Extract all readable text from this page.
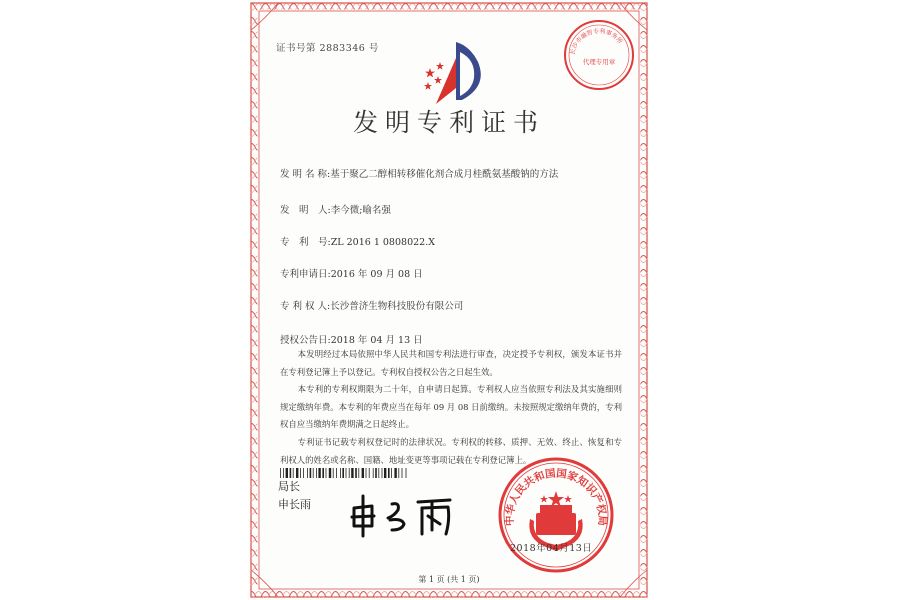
证书号第 2883346 号	长沙市融智专利事务所
代理专用章
发明专利证书
发 明 名 称:基于聚乙二醇相转移催化剂合成月桂酰氨基酸钠的方法
发　明　人:李今微;喻名强
专　利　号:ZL 2016 1 0808022.X
专利申请日:2016 年 09 月 08 日
专 利 权 人:长沙普济生物科技股份有限公司
授权公告日:2018 年 04 月 13 日

本发明经过本局依照中华人民共和国专利法进行审查，决定授予专利权，颁发本证书并在专利登记簿上予以登记。专利权自授权公告之日起生效。

本专利的专利权期限为二十年，自申请日起算。专利权人应当依照专利法及其实施细则规定缴纳年费。本专利的年费应当在每年 09 月 08 日前缴纳。未按照规定缴纳年费的，专利权自应当缴纳年费期满之日起终止。

专利证书记载专利权登记时的法律状况。专利权的转移、质押、无效、终止、恢复和专利权人的姓名或名称、国籍、地址变更等事项记载在专利登记簿上。

局长
申长雨
中华人民共和国国家知识产权局
2018年04月13日
第 1 页 (共 1 页)
